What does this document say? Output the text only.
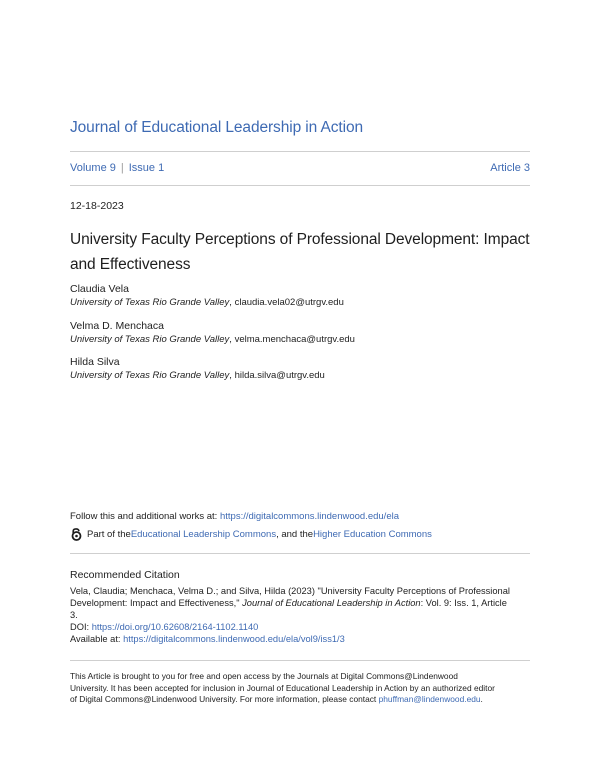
Journal of Educational Leadership in Action
Volume 9 | Issue 1	Article 3
12-18-2023
University Faculty Perceptions of Professional Development: Impact and Effectiveness
Claudia Vela
University of Texas Rio Grande Valley, claudia.vela02@utrgv.edu
Velma D. Menchaca
University of Texas Rio Grande Valley, velma.menchaca@utrgv.edu
Hilda Silva
University of Texas Rio Grande Valley, hilda.silva@utrgv.edu
Follow this and additional works at: https://digitalcommons.lindenwood.edu/ela
Part of the Educational Leadership Commons , and the Higher Education Commons
Recommended Citation
Vela, Claudia; Menchaca, Velma D.; and Silva, Hilda (2023) "University Faculty Perceptions of Professional
Development: Impact and Effectiveness," Journal of Educational Leadership in Action: Vol. 9: Iss. 1, Article
3.
DOI: https://doi.org/10.62608/2164-1102.1140
Available at: https://digitalcommons.lindenwood.edu/ela/vol9/iss1/3
This Article is brought to you for free and open access by the Journals at Digital Commons@Lindenwood
University. It has been accepted for inclusion in Journal of Educational Leadership in Action by an authorized editor
of Digital Commons@Lindenwood University. For more information, please contact phuffman@lindenwood.edu.
